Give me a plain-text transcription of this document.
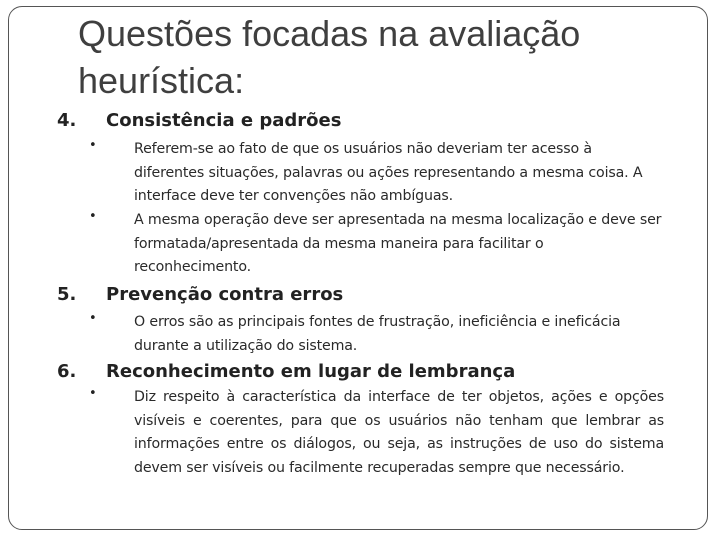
Questões focadas na avaliação heurística:
4. Consistência e padrões
•	Referem-se ao fato de que os usuários não deveriam ter acesso à diferentes situações, palavras ou ações representando a mesma coisa. A interface deve ter convenções não ambíguas.
•	A mesma operação deve ser apresentada na mesma localização e deve ser formatada/apresentada da mesma maneira para facilitar o reconhecimento.
5. Prevenção contra erros
•	O erros são as principais fontes de frustração, ineficiência e ineficácia durante a utilização do sistema.
6. Reconhecimento em lugar de lembrança
•	Diz respeito à característica da interface de ter objetos, ações e opções visíveis e coerentes, para que os usuários não tenham que lembrar as informações entre os diálogos, ou seja, as instruções de uso do sistema devem ser visíveis ou facilmente recuperadas sempre que necessário.
